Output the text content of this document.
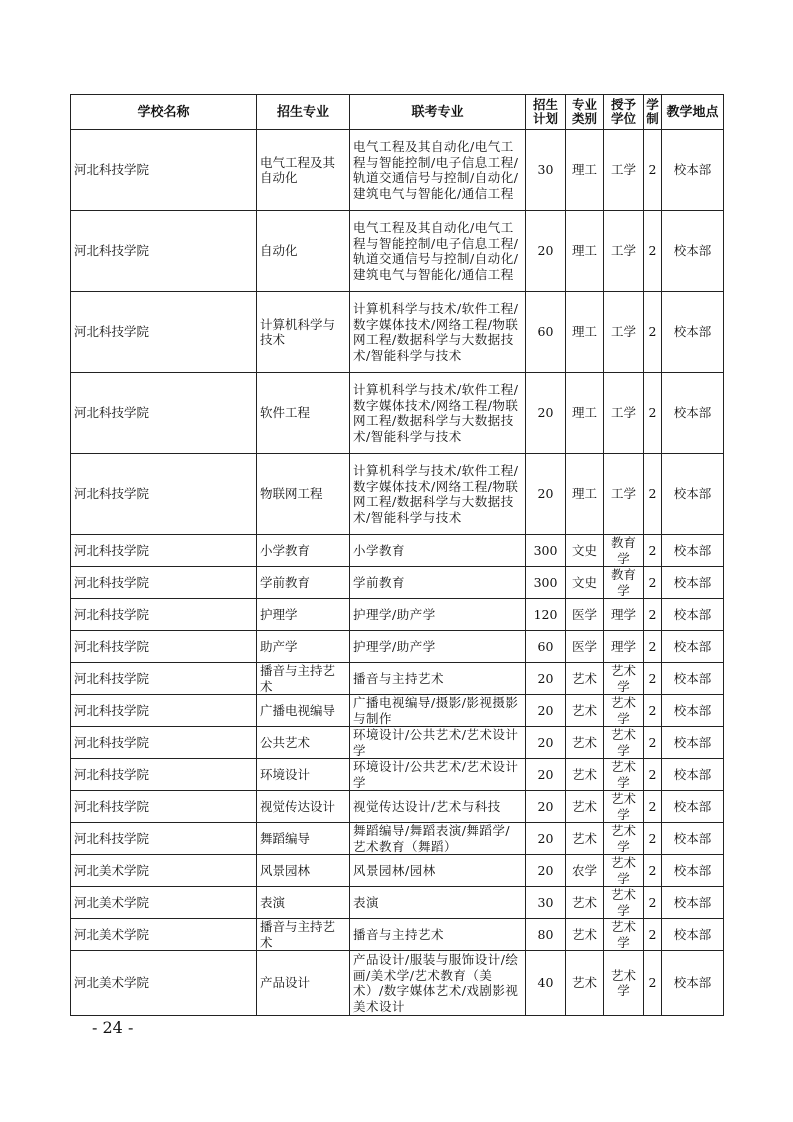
学校名称	招生专业	联考专业	招生计划	专业类别	授予学位	学制	教学地点
河北科技学院	电气工程及其自动化	电气工程及其自动化/电气工程与智能控制/电子信息工程/轨道交通信号与控制/自动化/建筑电气与智能化/通信工程	30	理工	工学	2	校本部
河北科技学院	自动化	电气工程及其自动化/电气工程与智能控制/电子信息工程/轨道交通信号与控制/自动化/建筑电气与智能化/通信工程	20	理工	工学	2	校本部
河北科技学院	计算机科学与技术	计算机科学与技术/软件工程/数字媒体技术/网络工程/物联网工程/数据科学与大数据技术/智能科学与技术	60	理工	工学	2	校本部
河北科技学院	软件工程	计算机科学与技术/软件工程/数字媒体技术/网络工程/物联网工程/数据科学与大数据技术/智能科学与技术	20	理工	工学	2	校本部
河北科技学院	物联网工程	计算机科学与技术/软件工程/数字媒体技术/网络工程/物联网工程/数据科学与大数据技术/智能科学与技术	20	理工	工学	2	校本部
河北科技学院	小学教育	小学教育	300	文史	教育学	2	校本部
河北科技学院	学前教育	学前教育	300	文史	教育学	2	校本部
河北科技学院	护理学	护理学/助产学	120	医学	理学	2	校本部
河北科技学院	助产学	护理学/助产学	60	医学	理学	2	校本部
河北科技学院	播音与主持艺术	播音与主持艺术	20	艺术	艺术学	2	校本部
河北科技学院	广播电视编导	广播电视编导/摄影/影视摄影与制作	20	艺术	艺术学	2	校本部
河北科技学院	公共艺术	环境设计/公共艺术/艺术设计学	20	艺术	艺术学	2	校本部
河北科技学院	环境设计	环境设计/公共艺术/艺术设计学	20	艺术	艺术学	2	校本部
河北科技学院	视觉传达设计	视觉传达设计/艺术与科技	20	艺术	艺术学	2	校本部
河北科技学院	舞蹈编导	舞蹈编导/舞蹈表演/舞蹈学/艺术教育（舞蹈）	20	艺术	艺术学	2	校本部
河北美术学院	风景园林	风景园林/园林	20	农学	艺术学	2	校本部
河北美术学院	表演	表演	30	艺术	艺术学	2	校本部
河北美术学院	播音与主持艺术	播音与主持艺术	80	艺术	艺术学	2	校本部
河北美术学院	产品设计	产品设计/服装与服饰设计/绘画/美术学/艺术教育（美术）/数字媒体艺术/戏剧影视美术设计	40	艺术	艺术学	2	校本部
- 24 -
